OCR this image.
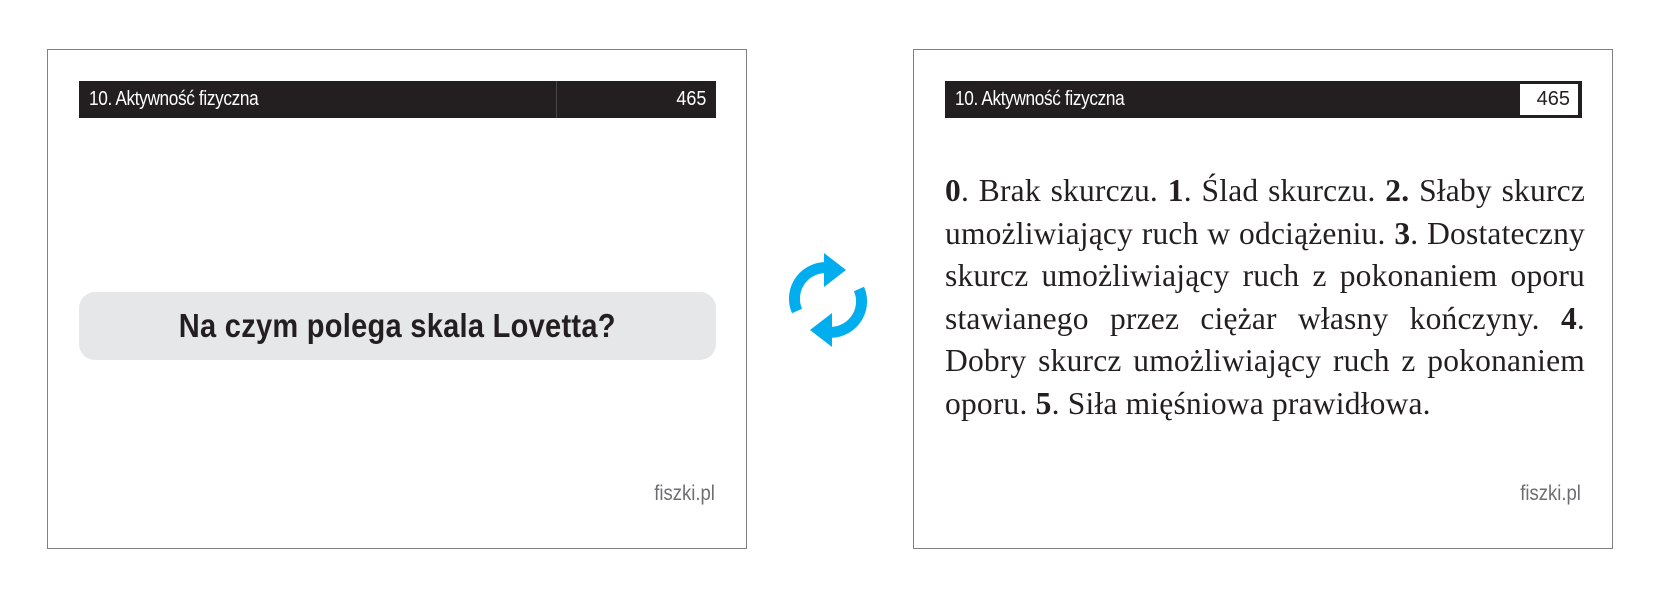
10. Aktywność fizyczna	465
Na czym polega skala Lovetta?
fiszki.pl
10. Aktywność fizyczna	465
0. Brak skurczu. 1. Ślad skurczu. 2. Słaby skurcz umożliwiający ruch w odciążeniu. 3. Dostateczny skurcz umożliwiający ruch z pokonaniem oporu stawianego przez ciężar własny kończyny. 4. Dobry skurcz umożliwiający ruch z pokonaniem oporu. 5. Siła mięśniowa prawidłowa.
fiszki.pl
